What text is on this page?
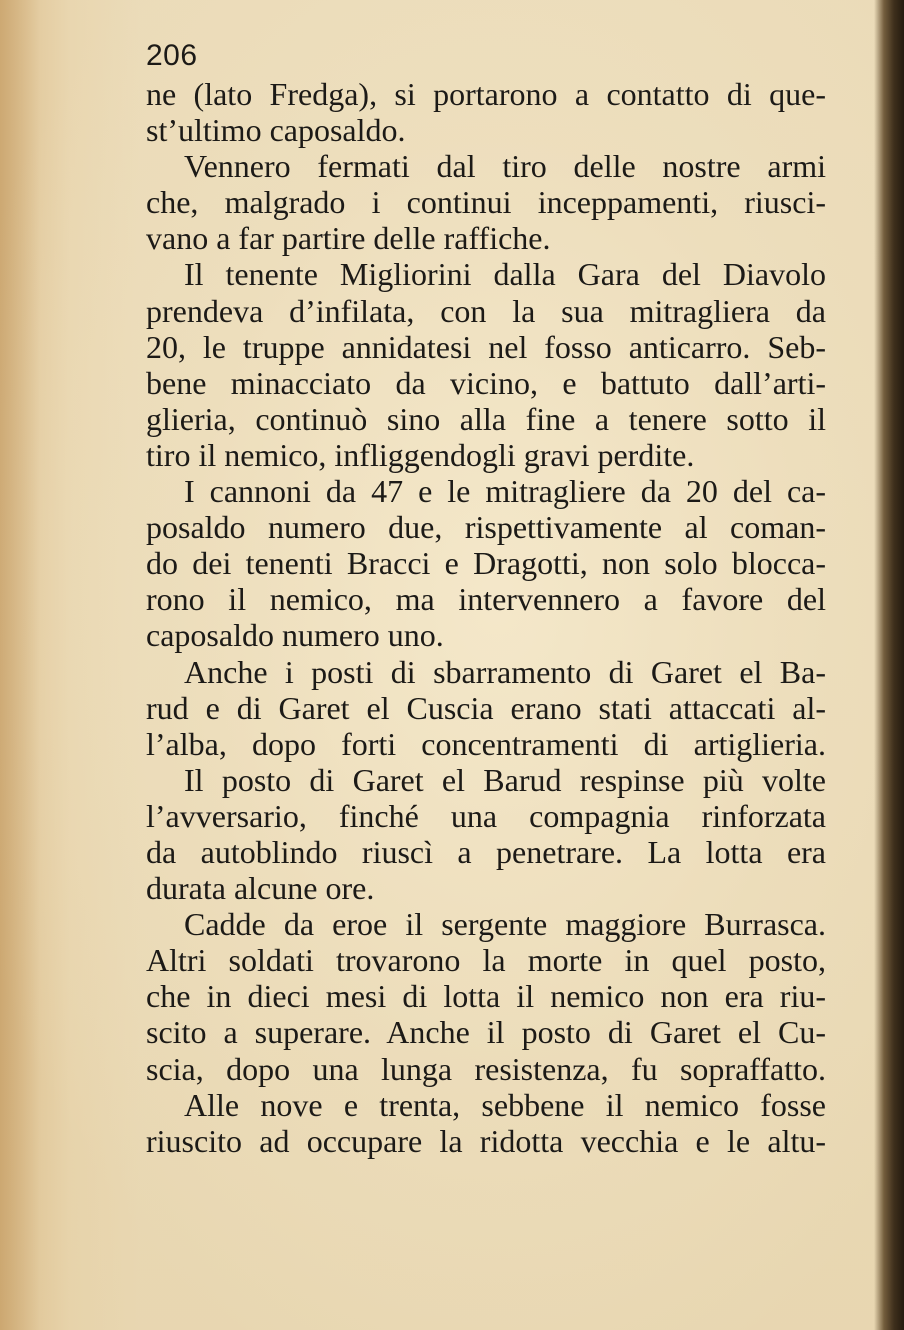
206
ne (lato Fredga), si portarono a contatto di que-
st’ultimo caposaldo.
Vennero fermati dal tiro delle nostre armi
che, malgrado i continui inceppamenti, riusci-
vano a far partire delle raffiche.
Il tenente Migliorini dalla Gara del Diavolo
prendeva d’infilata, con la sua mitragliera da
20, le truppe annidatesi nel fosso anticarro. Seb-
bene minacciato da vicino, e battuto dall’arti-
glieria, continuò sino alla fine a tenere sotto il
tiro il nemico, infliggendogli gravi perdite.
I cannoni da 47 e le mitragliere da 20 del ca-
posaldo numero due, rispettivamente al coman-
do dei tenenti Bracci e Dragotti, non solo blocca-
rono il nemico, ma intervennero a favore del
caposaldo numero uno.
Anche i posti di sbarramento di Garet el Ba-
rud e di Garet el Cuscia erano stati attaccati al-
l’alba, dopo forti concentramenti di artiglieria.
Il posto di Garet el Barud respinse più volte
l’avversario, finché una compagnia rinforzata
da autoblindo riuscì a penetrare. La lotta era
durata alcune ore.
Cadde da eroe il sergente maggiore Burrasca.
Altri soldati trovarono la morte in quel posto,
che in dieci mesi di lotta il nemico non era riu-
scito a superare. Anche il posto di Garet el Cu-
scia, dopo una lunga resistenza, fu sopraffatto.
Alle nove e trenta, sebbene il nemico fosse
riuscito ad occupare la ridotta vecchia e le altu-
